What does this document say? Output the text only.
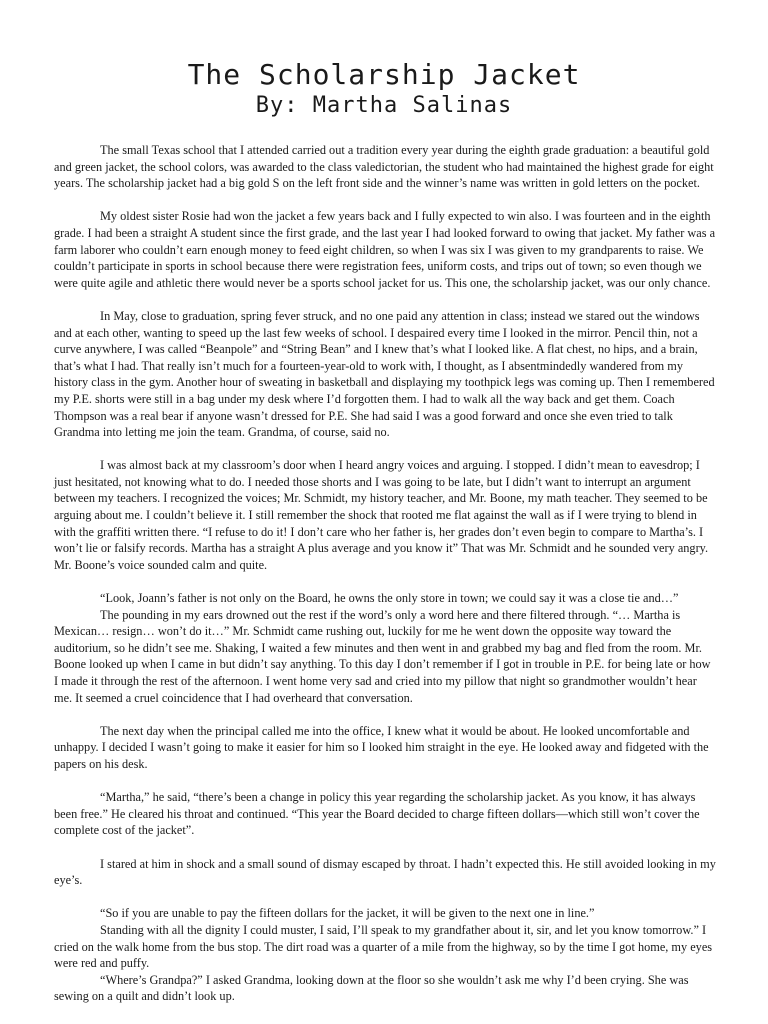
The Scholarship Jacket
By: Martha Salinas

The small Texas school that I attended carried out a tradition every year during the eighth grade graduation: a beautiful gold and green jacket, the school colors, was awarded to the class valedictorian, the student who had maintained the highest grade for eight years. The scholarship jacket had a big gold S on the left front side and the winner’s name was written in gold letters on the pocket.

My oldest sister Rosie had won the jacket a few years back and I fully expected to win also. I was fourteen and in the eighth grade. I had been a straight A student since the first grade, and the last year I had looked forward to owing that jacket. My father was a farm laborer who couldn’t earn enough money to feed eight children, so when I was six I was given to my grandparents to raise. We couldn’t participate in sports in school because there were registration fees, uniform costs, and trips out of town; so even though we were quite agile and athletic there would never be a sports school jacket for us. This one, the scholarship jacket, was our only chance.

In May, close to graduation, spring fever struck, and no one paid any attention in class; instead we stared out the windows and at each other, wanting to speed up the last few weeks of school. I despaired every time I looked in the mirror. Pencil thin, not a curve anywhere, I was called “Beanpole” and “String Bean” and I knew that’s what I looked like. A flat chest, no hips, and a brain, that’s what I had. That really isn’t much for a fourteen-year-old to work with, I thought, as I absentmindedly wandered from my history class in the gym. Another hour of sweating in basketball and displaying my toothpick legs was coming up. Then I remembered my P.E. shorts were still in a bag under my desk where I’d forgotten them. I had to walk all the way back and get them. Coach Thompson was a real bear if anyone wasn’t dressed for P.E. She had said I was a good forward and once she even tried to talk Grandma into letting me join the team. Grandma, of course, said no.

I was almost back at my classroom’s door when I heard angry voices and arguing. I stopped. I didn’t mean to eavesdrop; I just hesitated, not knowing what to do. I needed those shorts and I was going to be late, but I didn’t want to interrupt an argument between my teachers. I recognized the voices; Mr. Schmidt, my history teacher, and Mr. Boone, my math teacher. They seemed to be arguing about me. I couldn’t believe it. I still remember the shock that rooted me flat against the wall as if I were trying to blend in with the graffiti written there. “I refuse to do it! I don’t care who her father is, her grades don’t even begin to compare to Martha’s. I won’t lie or falsify records. Martha has a straight A plus average and you know it” That was Mr. Schmidt and he sounded very angry. Mr. Boone’s voice sounded calm and quite.

“Look, Joann’s father is not only on the Board, he owns the only store in town; we could say it was a close tie and…”

The pounding in my ears drowned out the rest if the word’s only a word here and there filtered through. “… Martha is Mexican… resign… won’t do it…” Mr. Schmidt came rushing out, luckily for me he went down the opposite way toward the auditorium, so he didn’t see me. Shaking, I waited a few minutes and then went in and grabbed my bag and fled from the room. Mr. Boone looked up when I came in but didn’t say anything. To this day I don’t remember if I got in trouble in P.E. for being late or how I made it through the rest of the afternoon. I went home very sad and cried into my pillow that night so grandmother wouldn’t hear me. It seemed a cruel coincidence that I had overheard that conversation.

The next day when the principal called me into the office, I knew what it would be about. He looked uncomfortable and unhappy. I decided I wasn’t going to make it easier for him so I looked him straight in the eye. He looked away and fidgeted with the papers on his desk.

“Martha,” he said, “there’s been a change in policy this year regarding the scholarship jacket. As you know, it has always been free.” He cleared his throat and continued. “This year the Board decided to charge fifteen dollars—which still won’t cover the complete cost of the jacket”.

I stared at him in shock and a small sound of dismay escaped by throat. I hadn’t expected this. He still avoided looking in my eye’s.

“So if you are unable to pay the fifteen dollars for the jacket, it will be given to the next one in line.”

Standing with all the dignity I could muster, I said, I’ll speak to my grandfather about it, sir, and let you know tomorrow.” I cried on the walk home from the bus stop. The dirt road was a quarter of a mile from the highway, so by the time I got home, my eyes were red and puffy.

“Where’s Grandpa?” I asked Grandma, looking down at the floor so she wouldn’t ask me why I’d been crying. She was sewing on a quilt and didn’t look up.
